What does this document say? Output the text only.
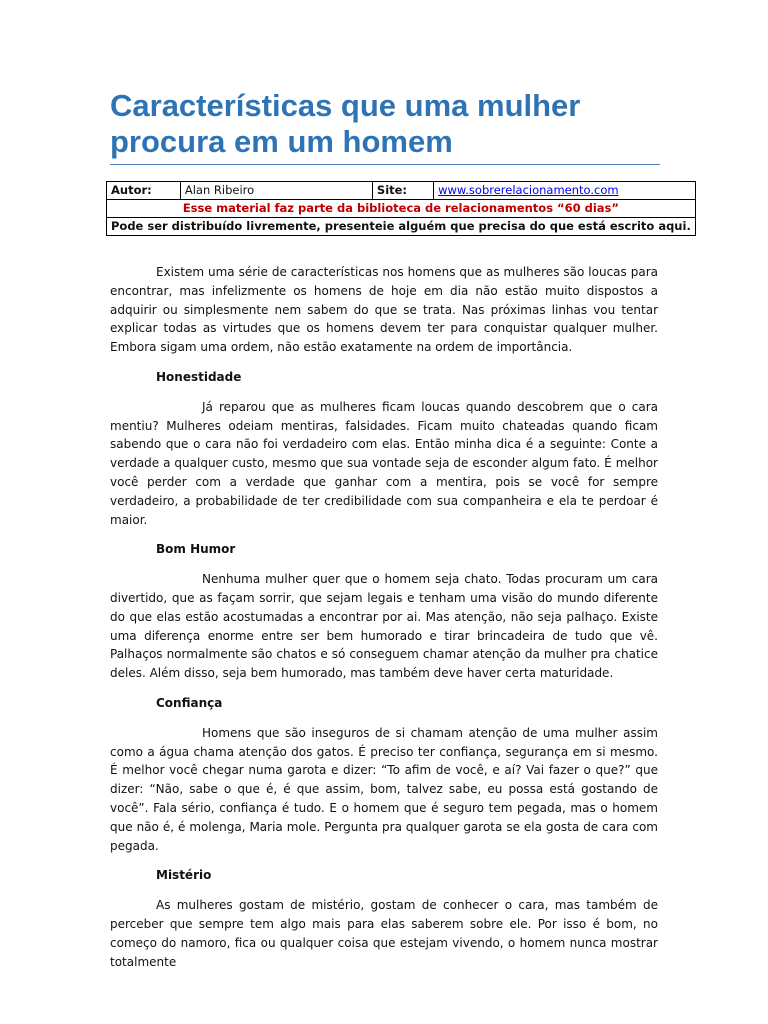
Características que uma mulher procura em um homem
Autor:	Alan Ribeiro	Site:	www.sobrerelacionamento.com
Esse material faz parte da biblioteca de relacionamentos “60 dias”
Pode ser distribuído livremente, presenteie alguém que precisa do que está escrito aqui.

Existem uma série de características nos homens que as mulheres são loucas para encontrar, mas infelizmente os homens de hoje em dia não estão muito dispostos a adquirir ou simplesmente nem sabem do que se trata. Nas próximas linhas vou tentar explicar todas as virtudes que os homens devem ter para conquistar qualquer mulher. Embora sigam uma ordem, não estão exatamente na ordem de importância.

Honestidade

Já reparou que as mulheres ficam loucas quando descobrem que o cara mentiu? Mulheres odeiam mentiras, falsidades. Ficam muito chateadas quando ficam sabendo que o cara não foi verdadeiro com elas. Então minha dica é a seguinte: Conte a verdade a qualquer custo, mesmo que sua vontade seja de esconder algum fato. É melhor você perder com a verdade que ganhar com a mentira, pois se você for sempre verdadeiro, a probabilidade de ter credibilidade com sua companheira e ela te perdoar é maior.

Bom Humor

Nenhuma mulher quer que o homem seja chato. Todas procuram um cara divertido, que as façam sorrir, que sejam legais e tenham uma visão do mundo diferente do que elas estão acostumadas a encontrar por ai. Mas atenção, não seja palhaço. Existe uma diferença enorme entre ser bem humorado e tirar brincadeira de tudo que vê. Palhaços normalmente são chatos e só conseguem chamar atenção da mulher pra chatice deles. Além disso, seja bem humorado, mas também deve haver certa maturidade.

Confiança

Homens que são inseguros de si chamam atenção de uma mulher assim como a água chama atenção dos gatos. É preciso ter confiança, segurança em si mesmo. É melhor você chegar numa garota e dizer: “To afim de você, e aí? Vai fazer o que?” que dizer: “Não, sabe o que é, é que assim, bom, talvez sabe, eu possa está gostando de você”. Fala sério, confiança é tudo. E o homem que é seguro tem pegada, mas o homem que não é, é molenga, Maria mole. Pergunta pra qualquer garota se ela gosta de cara com pegada.

Mistério

As mulheres gostam de mistério, gostam de conhecer o cara, mas também de perceber que sempre tem algo mais para elas saberem sobre ele. Por isso é bom, no começo do namoro, fica ou qualquer coisa que estejam vivendo, o homem nunca mostrar totalmente
